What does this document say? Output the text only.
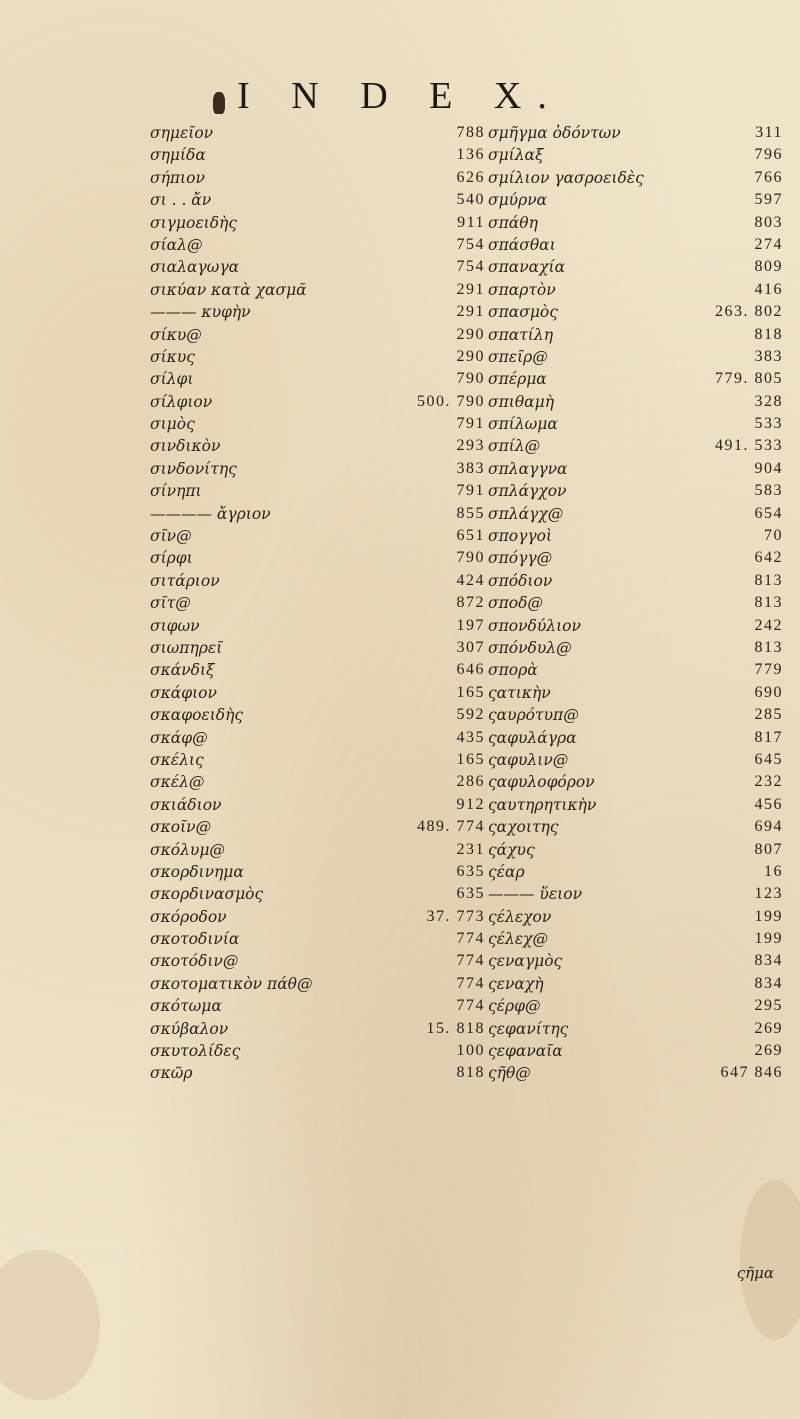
I N D E X.
σημεῖον	788
σημίδα	136
σήπιον	626
σι . . ἄν	540
σιγμοειδὴς	911
σίαλ@	754
σιαλαγωγα	754
σικύαν κατὰ χασμᾶ	291
——— κυφὴν	291
σίκυ@	290
σίκυς	290
σίλφι	790
σίλφιον	500. 790
σιμὸς	791
σινδικὸν	293
σινδονίτης	383
σίνηπι	791
———— ἄγριον	855
σῖν@	651
σίρφι	790
σιτάριον	424
σῖτ@	872
σιφων	197
σιωπηρεῖ	307
σκάνδιξ	646
σκάφιον	165
σκαφοειδὴς	592
σκάφ@	435
σκέλις	165
σκέλ@	286
σκιάδιον	912
σκοῖν@	489. 774
σκόλυμ@	231
σκορδινημα	635
σκορδινασμὸς	635
σκόροδον	37. 773
σκοτοδινία	774
σκοτόδιν@	774
σκοτοματικὸν πάθ@	774
σκότωμα	774
σκύβαλον	15. 818
σκυτολίδες	100
σκῶρ	818
σμῆγμα ὀδόντων	311
σμίλαξ	796
σμίλιον γασροειδὲς	766
σμύρνα	597
σπάθη	803
σπάσθαι	274
σπαναχία	809
σπαρτὸν	416
σπασμὸς	263. 802
σπατίλη	818
σπεῖρ@	383
σπέρμα	779. 805
σπιθαμὴ	328
σπίλωμα	533
σπίλ@	491. 533
σπλαγγνα	904
σπλάγχον	583
σπλάγχ@	654
σπογγοὶ	70
σπόγγ@	642
σπόδιον	813
σποδ@	813
σπονδύλιον	242
σπόνδυλ@	813
σπορὰ	779
ςατικὴν	690
ςαυρότυπ@	285
ςαφυλάγρα	817
ςαφυλιν@	645
ςαφυλοφόρον	232
ςαυτηρητικὴν	456
ςαχοιτης	694
ςάχυς	807
ςέαρ	16
——— ὕειον	123
ςέλεχον	199
ςέλεχ@	199
ςεναγμὸς	834
ςεναχὴ	834
ςέρφ@	295
ςεφανίτης	269
ςεφαναῖα	269
ςῆθ@	647 846
ςῆμα
